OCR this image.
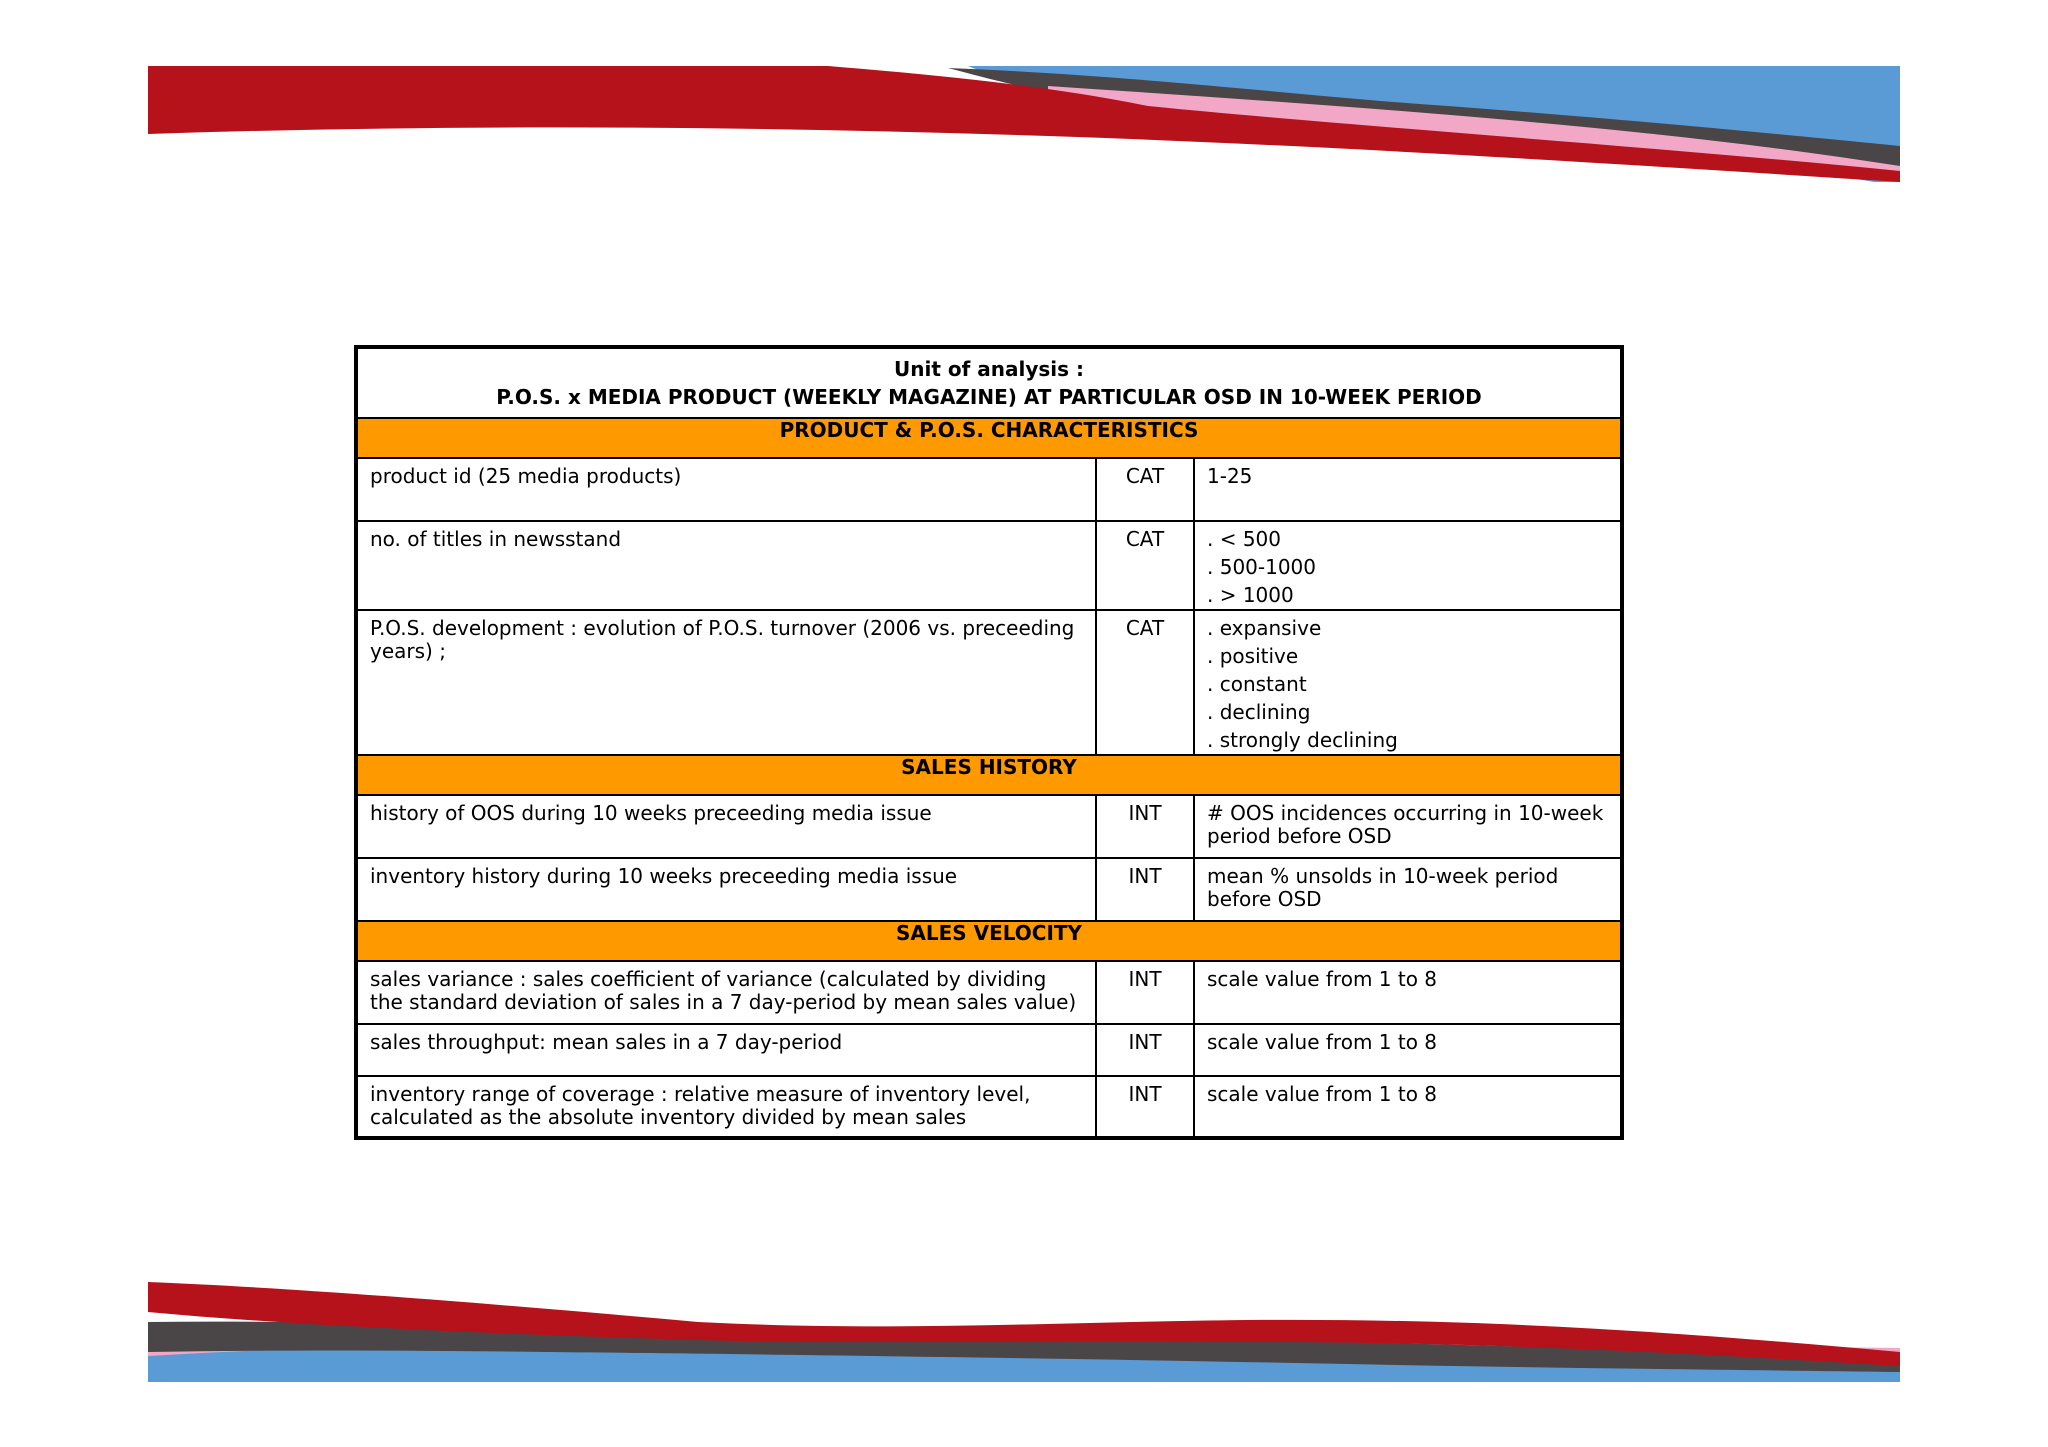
Unit of analysis :
P.O.S. x MEDIA PRODUCT (WEEKLY MAGAZINE) AT PARTICULAR OSD IN 10-WEEK PERIOD		

PRODUCT & P.O.S. CHARACTERISTICS		
product id (25 media products)	CAT	1-25
no. of titles in newsstand	CAT	. < 500
. 500-1000
. > 1000

P.O.S. development : evolution of P.O.S. turnover (2006 vs. preceeding years) ;	CAT	. expansive
. positive
. constant
. declining
. strongly declining

SALES HISTORY		
history of OOS during 10 weeks preceeding media issue	INT	# OOS incidences occurring in 10-week period before OSD
inventory history during 10 weeks preceeding media issue	INT	mean % unsolds in 10-week period before OSD
SALES VELOCITY		
sales variance : sales coefficient of variance (calculated by dividing the standard deviation of sales in a 7 day-period by mean sales value)	INT	scale value from 1 to 8
sales throughput: mean sales in a 7 day-period	INT	scale value from 1 to 8
inventory range of coverage : relative measure of inventory level, calculated as the absolute inventory divided by mean sales	INT	scale value from 1 to 8
